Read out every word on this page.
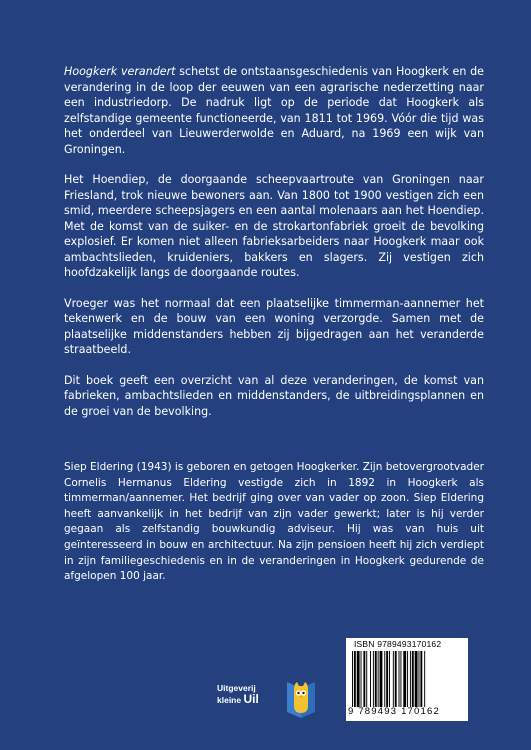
Hoogkerk verandert schetst de ontstaansgeschiedenis van Hoogkerk en de verandering in de loop der eeuwen van een agrarische nederzetting naar een industriedorp. De nadruk ligt op de periode dat Hoogkerk als zelfstandige gemeente functioneerde, van 1811 tot 1969. Vóór die tijd was het onderdeel van Lieuwerderwolde en Aduard, na 1969 een wijk van Groningen.

Het Hoendiep, de doorgaande scheepvaartroute van Groningen naar Friesland, trok nieuwe bewoners aan. Van 1800 tot 1900 vestigen zich een smid, meerdere scheepsjagers en een aantal molenaars aan het Hoendiep. Met de komst van de suiker- en de strokartonfabriek groeit de bevolking explosief. Er komen niet alleen fabrieksarbeiders naar Hoogkerk maar ook ambachtslieden, kruideniers, bakkers en slagers. Zij vestigen zich hoofdzakelijk langs de doorgaande routes.

Vroeger was het normaal dat een plaatselijke timmerman-aannemer het tekenwerk en de bouw van een woning verzorgde. Samen met de plaatselijke middenstanders hebben zij bijgedragen aan het veranderde straatbeeld.

Dit boek geeft een overzicht van al deze veranderingen, de komst van fabrieken, ambachtslieden en middenstanders, de uitbreidingsplannen en de groei van de bevolking.

Siep Eldering (1943) is geboren en getogen Hoogkerker. Zijn betovergrootvader Cornelis Hermanus Eldering vestigde zich in 1892 in Hoogkerk als timmerman/aannemer. Het bedrijf ging over van vader op zoon. Siep Eldering heeft aanvankelijk in het bedrijf van zijn vader gewerkt; later is hij verder gegaan als zelfstandig bouwkundig adviseur. Hij was van huis uit geïnteresseerd in bouw en architectuur. Na zijn pensioen heeft hij zich verdiept in zijn familiegeschiedenis en in de veranderingen in Hoogkerk gedurende de afgelopen 100 jaar.

Uitgeverij
kleine Uil
ISBN 9789493170162
9 789493 170162
